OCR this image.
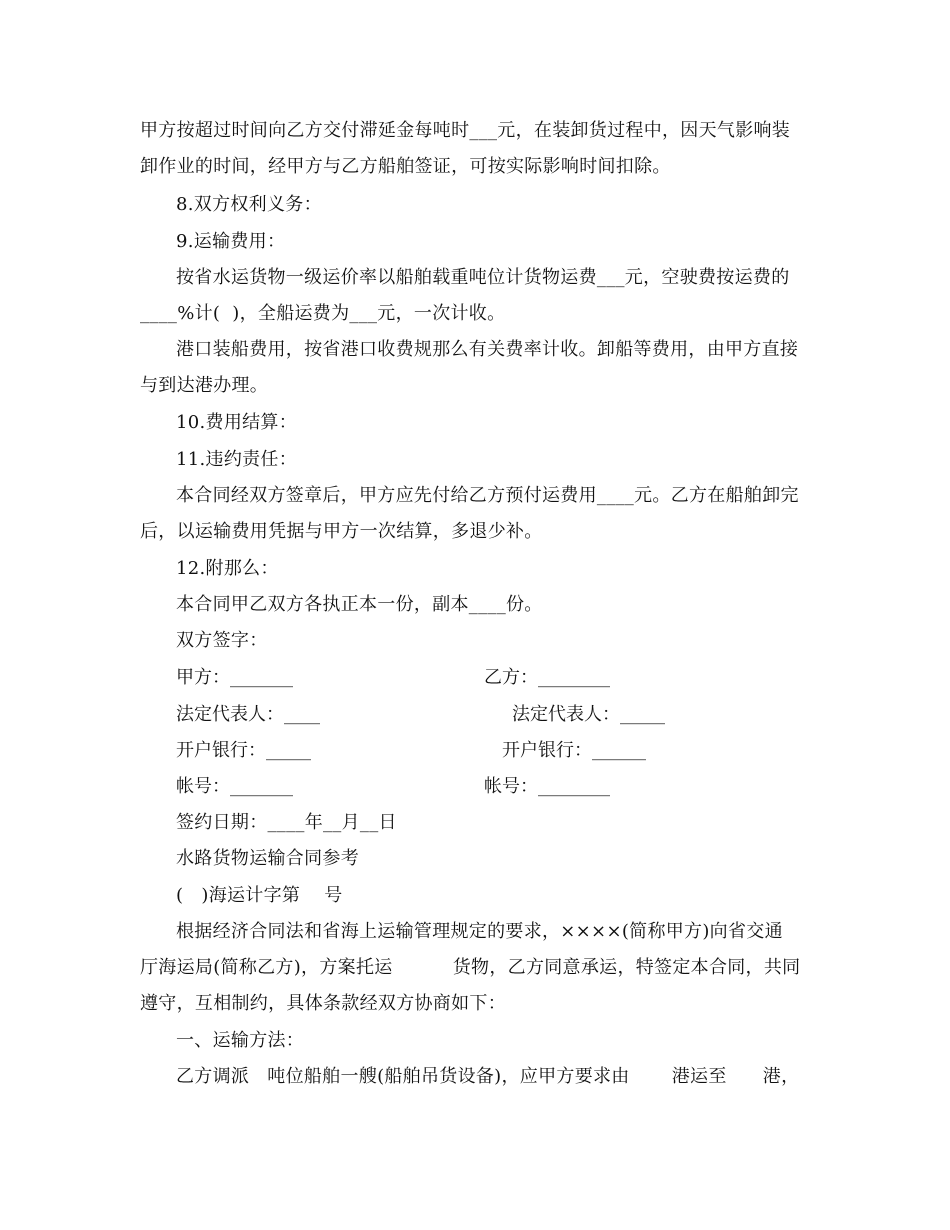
甲方按超过时间向乙方交付滞延金每吨时___元，在装卸货过程中，因天气影响装
卸作业的时间，经甲方与乙方船舶签证，可按实际影响时间扣除。
8.双方权利义务：
9.运输费用：
按省水运货物一级运价率以船舶载重吨位计货物运费___元，空驶费按运费的
____%计(  )，全船运费为___元，一次计收。
港口装船费用，按省港口收费规那么有关费率计收。卸船等费用，由甲方直接
与到达港办理。
10.费用结算：
11.违约责任：
本合同经双方签章后，甲方应先付给乙方预付运费用____元。乙方在船舶卸完
后，以运输费用凭据与甲方一次结算，多退少补。
12.附那么：
本合同甲乙双方各执正本一份，副本____份。
双方签字：
甲方：_______	乙方：________
法定代表人：____	法定代表人：_____
开户银行：_____	开户银行：______
帐号：_______	帐号：________
签约日期：____年__月__日
水路货物运输合同参考
(   )海运计字第    号
根据经济合同法和省海上运输管理规定的要求，××××(简称甲方)向省交通
厅海运局(简称乙方)，方案托运          货物，乙方同意承运，特签定本合同，共同
遵守，互相制约，具体条款经双方协商如下：
一、运输方法：
乙方调派   吨位船舶一艘(船舶吊货设备)，应甲方要求由       港运至      港，
